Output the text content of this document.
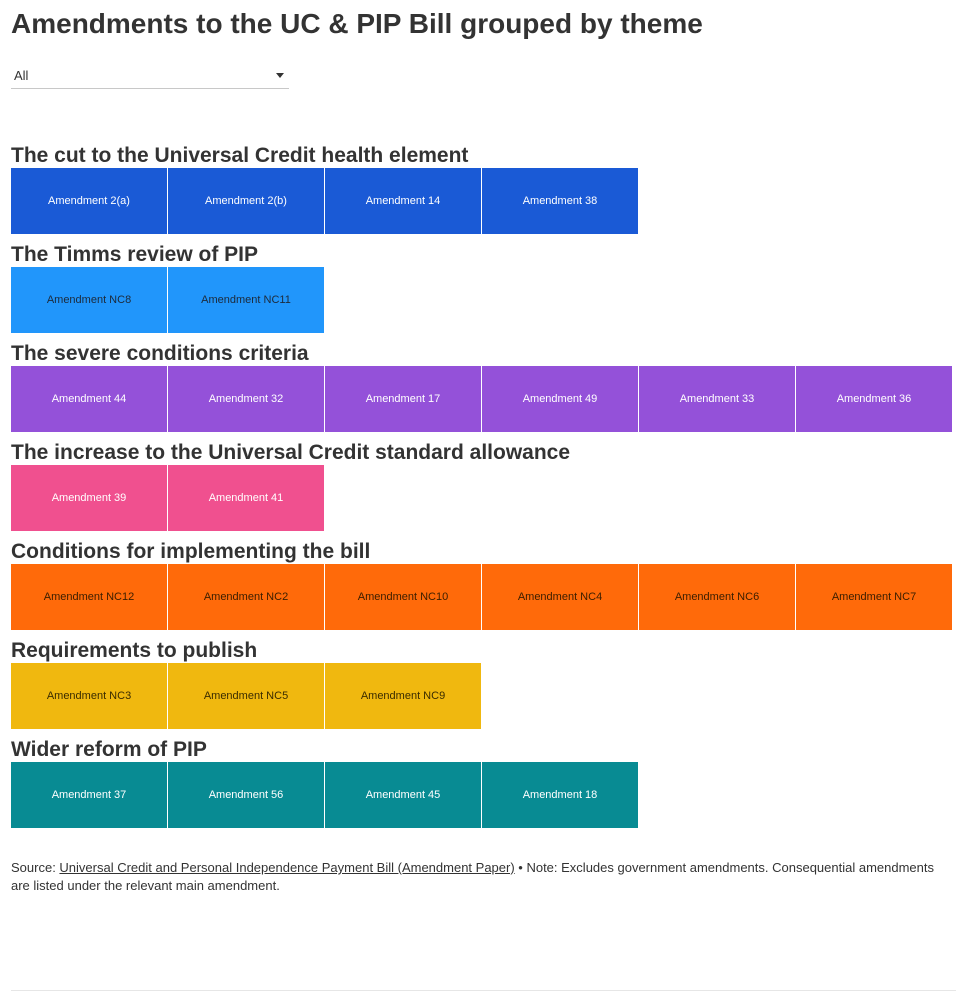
Amendments to the UC & PIP Bill grouped by theme
All
The cut to the Universal Credit health element
Amendment 2(a)	Amendment 2(b)	Amendment 14	Amendment 38
The Timms review of PIP
Amendment NC8	Amendment NC11
The severe conditions criteria
Amendment 44	Amendment 32	Amendment 17	Amendment 49	Amendment 33	Amendment 36
The increase to the Universal Credit standard allowance
Amendment 39	Amendment 41
Conditions for implementing the bill
Amendment NC12	Amendment NC2	Amendment NC10	Amendment NC4	Amendment NC6	Amendment NC7
Requirements to publish
Amendment NC3	Amendment NC5	Amendment NC9
Wider reform of PIP
Amendment 37	Amendment 56	Amendment 45	Amendment 18

Source: Universal Credit and Personal Independence Payment Bill (Amendment Paper) • Note: Excludes government amendments. Consequential amendments are listed under the relevant main amendment.
